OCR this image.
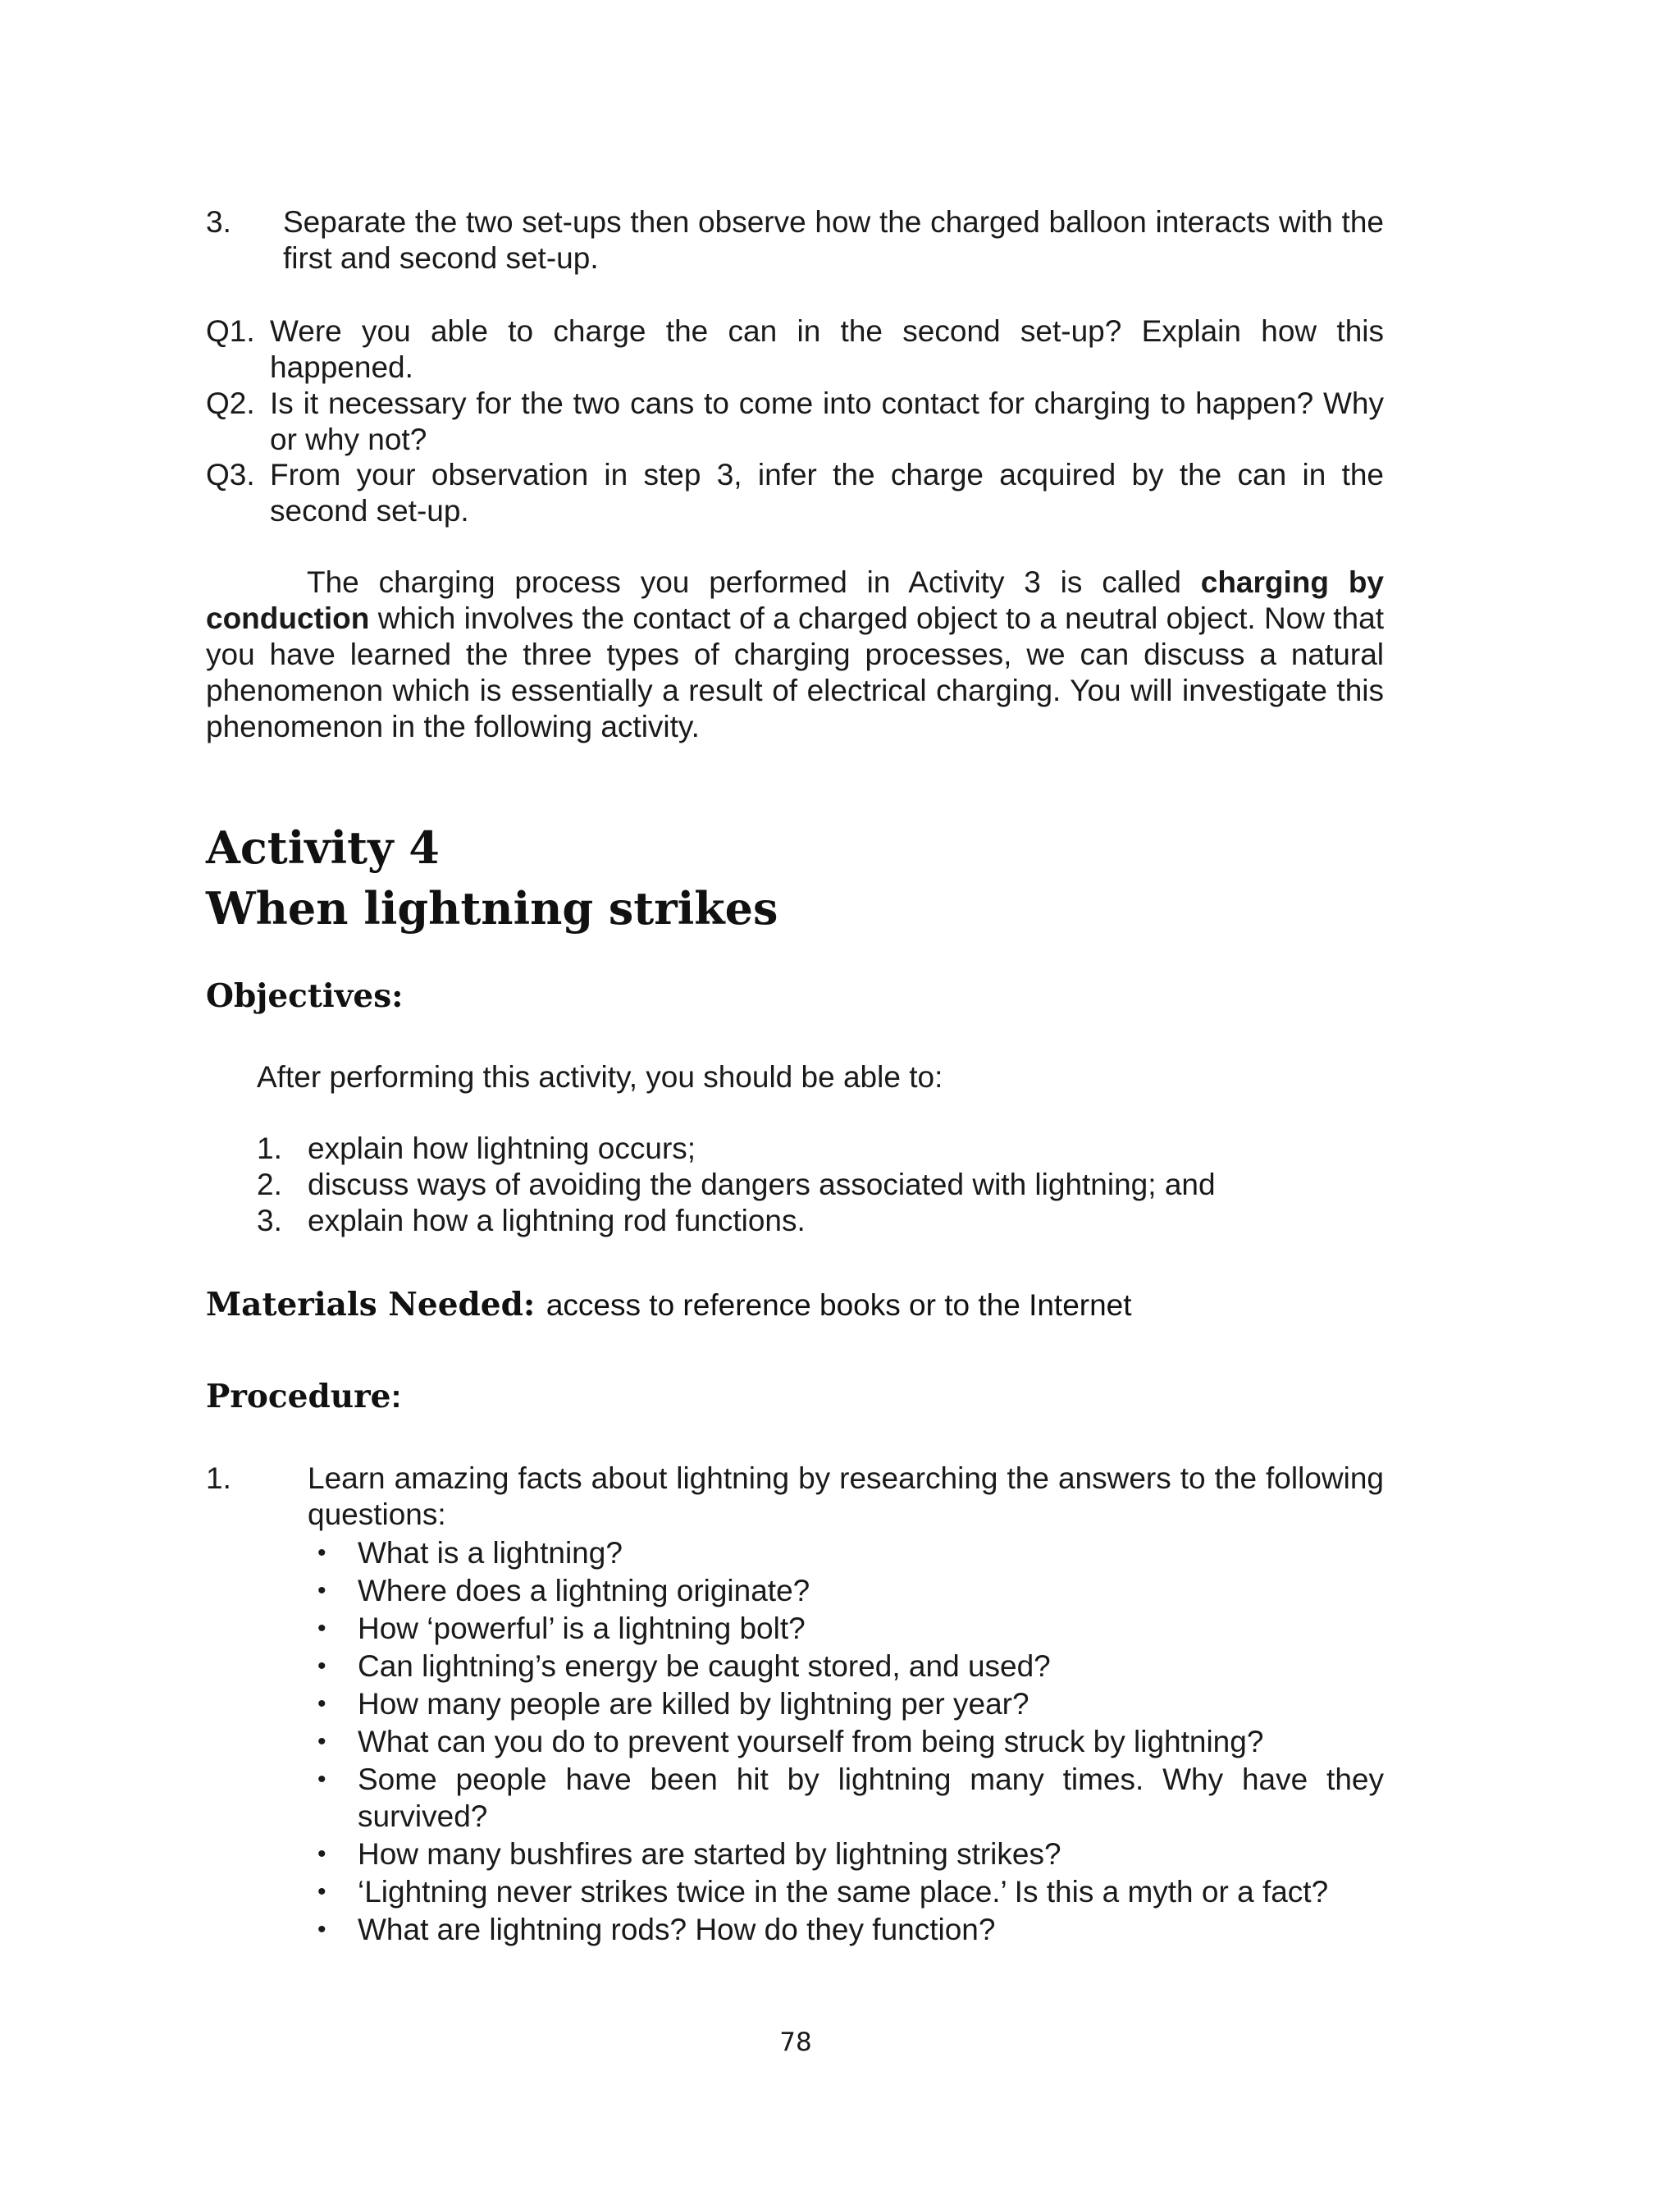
3. Separate the two set-ups then observe how the charged balloon interacts with the first and second set-up.
Q1. Were you able to charge the can in the second set-up? Explain how this happened.
Q2. Is it necessary for the two cans to come into contact for charging to happen? Why or why not?
Q3. From your observation in step 3, infer the charge acquired by the can in the second set-up.
The charging process you performed in Activity 3 is called charging by conduction which involves the contact of a charged object to a neutral object. Now that you have learned the three types of charging processes, we can discuss a natural phenomenon which is essentially a result of electrical charging. You will investigate this phenomenon in the following activity.
Activity 4
When lightning strikes
Objectives:
After performing this activity, you should be able to:
1. explain how lightning occurs;
2. discuss ways of avoiding the dangers associated with lightning; and
3. explain how a lightning rod functions.
Materials Needed: access to reference books or to the Internet
Procedure:
1.	Learn amazing facts about lightning by researching the answers to the following questions:
• What is a lightning?
• Where does a lightning originate?
• How ‘powerful’ is a lightning bolt?
• Can lightning’s energy be caught stored, and used?
• How many people are killed by lightning per year?
• What can you do to prevent yourself from being struck by lightning?
• Some people have been hit by lightning many times. Why have they survived?
• How many bushfires are started by lightning strikes?
• ‘Lightning never strikes twice in the same place.’ Is this a myth or a fact?
• What are lightning rods? How do they function?
78
